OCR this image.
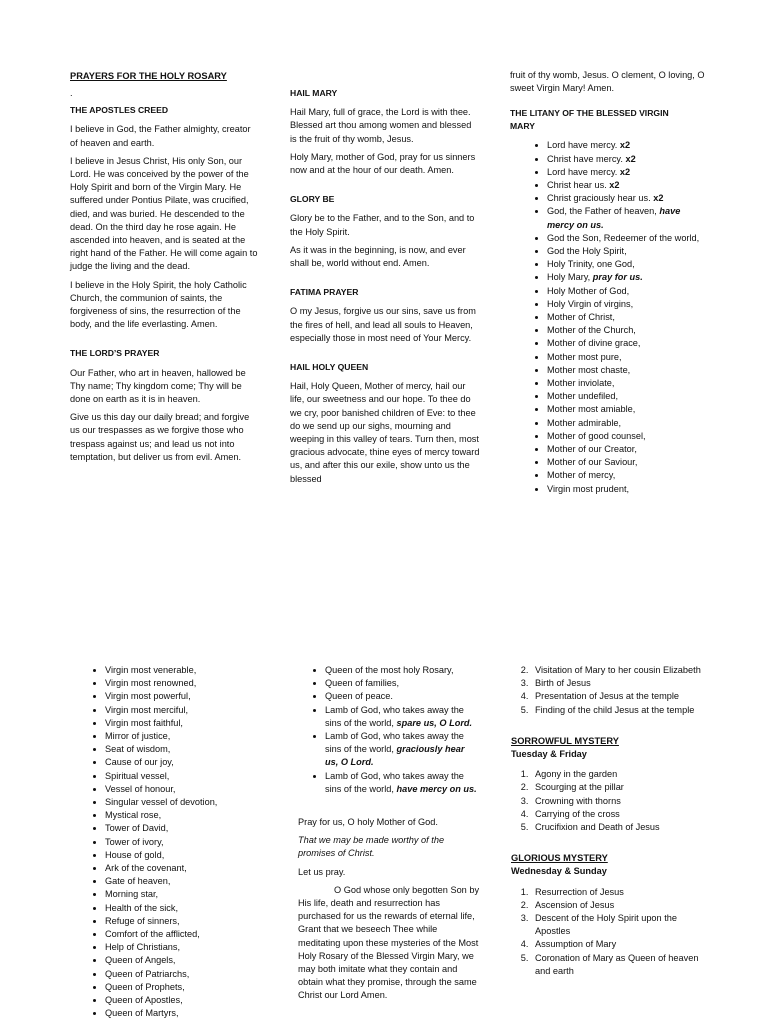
PRAYERS FOR THE HOLY ROSARY
.
THE APOSTLES CREED

I believe in God, the Father almighty, creator of heaven and earth.

I believe in Jesus Christ, His only Son, our Lord. He was conceived by the power of the Holy Spirit and born of the Virgin Mary. He suffered under Pontius Pilate, was crucified, died, and was buried. He descended to the dead. On the third day he rose again. He ascended into heaven, and is seated at the right hand of the Father. He will come again to judge the living and the dead.

I believe in the Holy Spirit, the holy Catholic Church, the communion of saints, the forgiveness of sins, the resurrection of the body, and the life everlasting. Amen.

THE LORD’S PRAYER

Our Father, who art in heaven, hallowed be Thy name; Thy kingdom come; Thy will be done on earth as it is in heaven.

Give us this day our daily bread; and forgive us our trespasses as we forgive those who trespass against us; and lead us not into temptation, but deliver us from evil. Amen.

HAIL MARY

Hail Mary, full of grace, the Lord is with thee. Blessed art thou among women and blessed is the fruit of thy womb, Jesus.

Holy Mary, mother of God, pray for us sinners now and at the hour of our death. Amen.

GLORY BE

Glory be to the Father, and to the Son, and to the Holy Spirit.

As it was in the beginning, is now, and ever shall be, world without end. Amen.

FATIMA PRAYER

O my Jesus, forgive us our sins, save us from the fires of hell, and lead all souls to Heaven, especially those in most need of Your Mercy.

HAIL HOLY QUEEN

Hail, Holy Queen, Mother of mercy, hail our life, our sweetness and our hope. To thee do we cry, poor banished children of Eve: to thee do we send up our sighs, mourning and weeping in this valley of tears. Turn then, most gracious advocate, thine eyes of mercy toward us, and after this our exile, show unto us the blessed

fruit of thy womb, Jesus. O clement, O loving, O sweet Virgin Mary! Amen.

THE LITANY OF THE BLESSED VIRGIN MARY
• Lord have mercy. x2
• Christ have mercy. x2
• Lord have mercy. x2
• Christ hear us. x2
• Christ graciously hear us. x2
• God, the Father of heaven, have mercy on us.
• God the Son, Redeemer of the world,
• God the Holy Spirit,
• Holy Trinity, one God,
• Holy Mary, pray for us.
• Holy Mother of God,
• Holy Virgin of virgins,
• Mother of Christ,
• Mother of the Church,
• Mother of divine grace,
• Mother most pure,
• Mother most chaste,
• Mother inviolate,
• Mother undefiled,
• Mother most amiable,
• Mother admirable,
• Mother of good counsel,
• Mother of our Creator,
• Mother of our Saviour,
• Mother of mercy,
• Virgin most prudent,
• Virgin most venerable,
• Virgin most renowned,
• Virgin most powerful,
• Virgin most merciful,
• Virgin most faithful,
• Mirror of justice,
• Seat of wisdom,
• Cause of our joy,
• Spiritual vessel,
• Vessel of honour,
• Singular vessel of devotion,
• Mystical rose,
• Tower of David,
• Tower of ivory,
• House of gold,
• Ark of the covenant,
• Gate of heaven,
• Morning star,
• Health of the sick,
• Refuge of sinners,
• Comfort of the afflicted,
• Help of Christians,
• Queen of Angels,
• Queen of Patriarchs,
• Queen of Prophets,
• Queen of Apostles,
• Queen of Martyrs,
• Queen of the most holy Rosary,
• Queen of families,
• Queen of peace.
• Lamb of God, who takes away the sins of the world, spare us, O Lord.
• Lamb of God, who takes away the sins of the world, graciously hear us, O Lord.
• Lamb of God, who takes away the sins of the world, have mercy on us.

Pray for us, O holy Mother of God.

That we may be made worthy of the promises of Christ.

Let us pray.

O God whose only begotten Son by His life, death and resurrection has purchased for us the rewards of eternal life, Grant that we beseech Thee while meditating upon these mysteries of the Most Holy Rosary of the Blessed Virgin Mary, we may both imitate what they contain and obtain what they promise, through the same Christ our Lord Amen.

2. Visitation of Mary to her cousin Elizabeth
3. Birth of Jesus
4. Presentation of Jesus at the temple
5. Finding of the child Jesus at the temple
SORROWFUL MYSTERY
Tuesday & Friday
1. Agony in the garden
2. Scourging at the pillar
3. Crowning with thorns
4. Carrying of the cross
5. Crucifixion and Death of Jesus
GLORIOUS MYSTERY
Wednesday & Sunday
1. Resurrection of Jesus
2. Ascension of Jesus
3. Descent of the Holy Spirit upon the Apostles
4. Assumption of Mary
5. Coronation of Mary as Queen of heaven and earth
